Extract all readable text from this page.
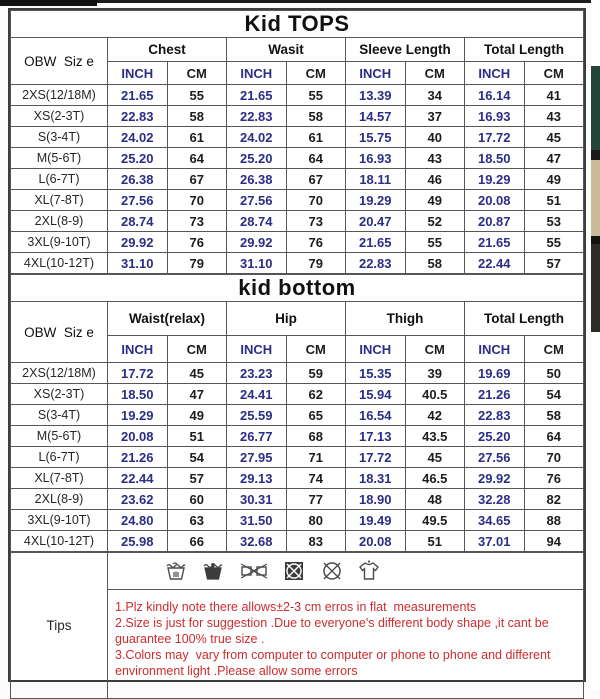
Kid TOPS								
OBW  Siz e	Chest		Wasit		Sleeve Length		Total Length	
	INCH	CM	INCH	CM	INCH	CM	INCH	CM
2XS(12/18M)	21.65	55	21.65	55	13.39	34	16.14	41
XS(2-3T)	22.83	58	22.83	58	14.57	37	16.93	43
S(3-4T)	24.02	61	24.02	61	15.75	40	17.72	45
M(5-6T)	25.20	64	25.20	64	16.93	43	18.50	47
L(6-7T)	26.38	67	26.38	67	18.11	46	19.29	49
XL(7-8T)	27.56	70	27.56	70	19.29	49	20.08	51
2XL(8-9)	28.74	73	28.74	73	20.47	52	20.87	53
3XL(9-10T)	29.92	76	29.92	76	21.65	55	21.65	55
4XL(10-12T)	31.10	79	31.10	79	22.83	58	22.44	57
kid bottom								
OBW  Siz e	Waist(relax)		Hip		Thigh		Total Length	
	INCH	CM	INCH	CM	INCH	CM	INCH	CM
2XS(12/18M)	17.72	45	23.23	59	15.35	39	19.69	50
XS(2-3T)	18.50	47	24.41	62	15.94	40.5	21.26	54
S(3-4T)	19.29	49	25.59	65	16.54	42	22.83	58
M(5-6T)	20.08	51	26.77	68	17.13	43.5	25.20	64
L(6-7T)	21.26	54	27.95	71	17.72	45	27.56	70
XL(7-8T)	22.44	57	29.13	74	18.31	46.5	29.92	76
2XL(8-9)	23.62	60	30.31	77	18.90	48	32.28	82
3XL(9-10T)	24.80	63	31.50	80	19.49	49.5	34.65	88
4XL(10-12T)	25.98	66	32.68	83	20.08	51	37.01	94
Tips	

1.Plz kindly note there allows±2-3 cm erros in flat  measurements
2.Size is just for suggestion .Due to everyone's different body shape ,it cant be guarantee 100% true size .
3.Colors may  vary from computer to computer or phone to phone and different environment light .Please allow some errors
